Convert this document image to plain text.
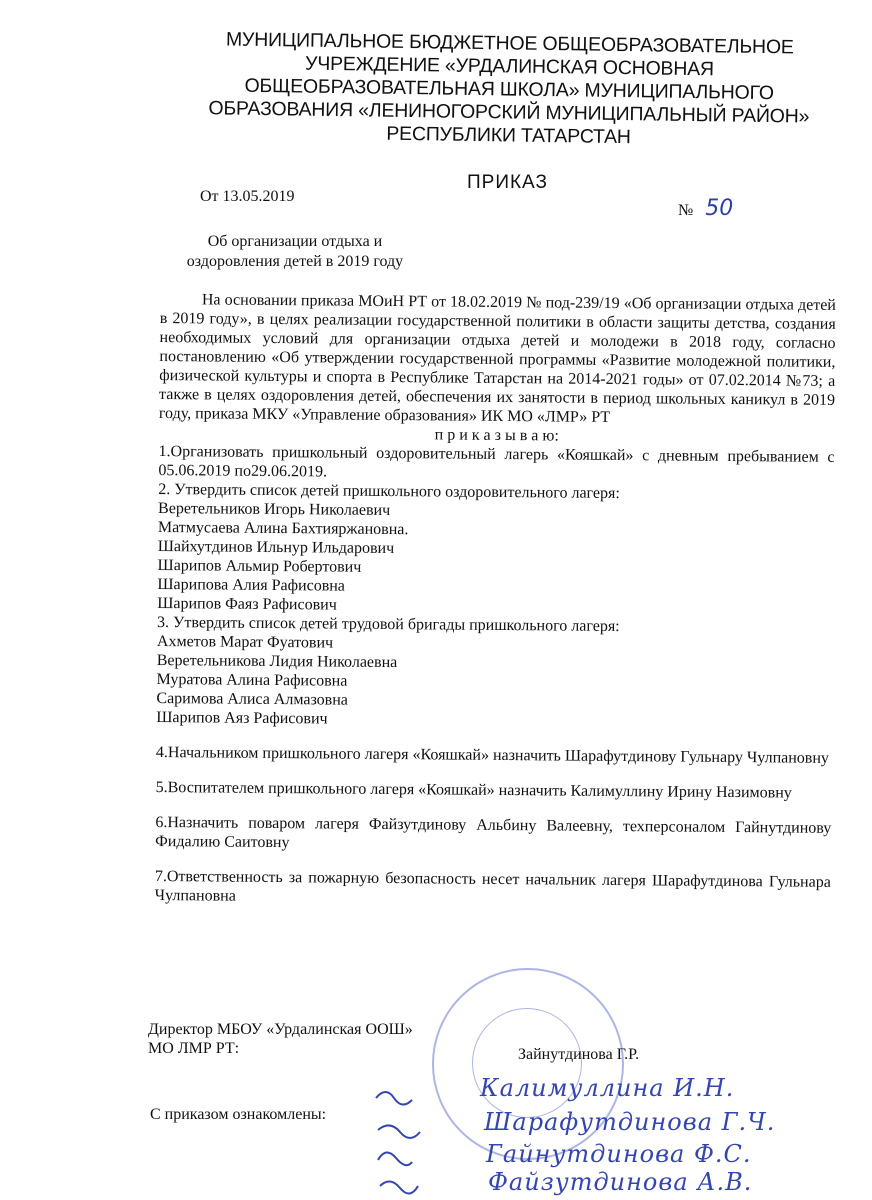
МУНИЦИПАЛЬНОЕ БЮДЖЕТНОЕ ОБЩЕОБРАЗОВАТЕЛЬНОЕ
УЧРЕЖДЕНИЕ «УРДАЛИНСКАЯ ОСНОВНАЯ
ОБЩЕОБРАЗОВАТЕЛЬНАЯ ШКОЛА» МУНИЦИПАЛЬНОГО
ОБРАЗОВАНИЯ «ЛЕНИНОГОРСКИЙ МУНИЦИПАЛЬНЫЙ РАЙОН»
РЕСПУБЛИКИ ТАТАРСТАН
ПРИКАЗ
От 13.05.2019
№ 50
Об организации отдыха и
оздоровления детей в 2019 году

На основании приказа МОиН РТ от 18.02.2019 № под-239/19 «Об организации отдыха детей в 2019 году», в целях реализации государственной политики в области защиты детства, создания необходимых условий для организации отдыха детей и молодежи в 2018 году, согласно постановлению «Об утверждении государственной программы «Развитие молодежной политики, физической культуры и спорта в Республике Татарстан на 2014-2021 годы» от 07.02.2014 №73; а также в целях оздоровления детей, обеспечения их занятости в период школьных каникул в 2019 году, приказа МКУ «Управление образования» ИК МО «ЛМР» РТ

п р и к а з ы в а ю:

1.Организовать пришкольный оздоровительный лагерь «Кояшкай» с дневным пребыванием с 05.06.2019 по29.06.2019.

2. Утвердить список детей пришкольного оздоровительного лагеря:

Веретельников Игорь Николаевич

Матмусаева Алина Бахтияржановна.

Шайхутдинов Ильнур Ильдарович

Шарипов Альмир Робертович

Шарипова Алия Рафисовна

Шарипов Фаяз Рафисович

3. Утвердить список детей трудовой бригады пришкольного лагеря:

Ахметов Марат Фуатович

Веретельникова Лидия Николаевна

Муратова Алина Рафисовна

Саримова Алиса Алмазовна

Шарипов Аяз Рафисович

4.Начальником пришкольного лагеря «Кояшкай» назначить Шарафутдинову Гульнару Чулпановну

5.Воспитателем пришкольного лагеря «Кояшкай» назначить Калимуллину Ирину Назимовну

6.Назначить поваром лагеря Файзутдинову Альбину Валеевну, техперсоналом Гайнутдинову Фидалию Саитовну

7.Ответственность за пожарную безопасность несет начальник лагеря Шарафутдинова Гульнара Чулпановна

Директор МБОУ «Урдалинская ООШ»
МО ЛМР РТ:	Зайнутдинова Г.Р.
С приказом ознакомлены:
Калимуллина И.Н.
Шарафутдинова Г.Ч.
Гайнутдинова Ф.С.
Файзутдинова А.В.
